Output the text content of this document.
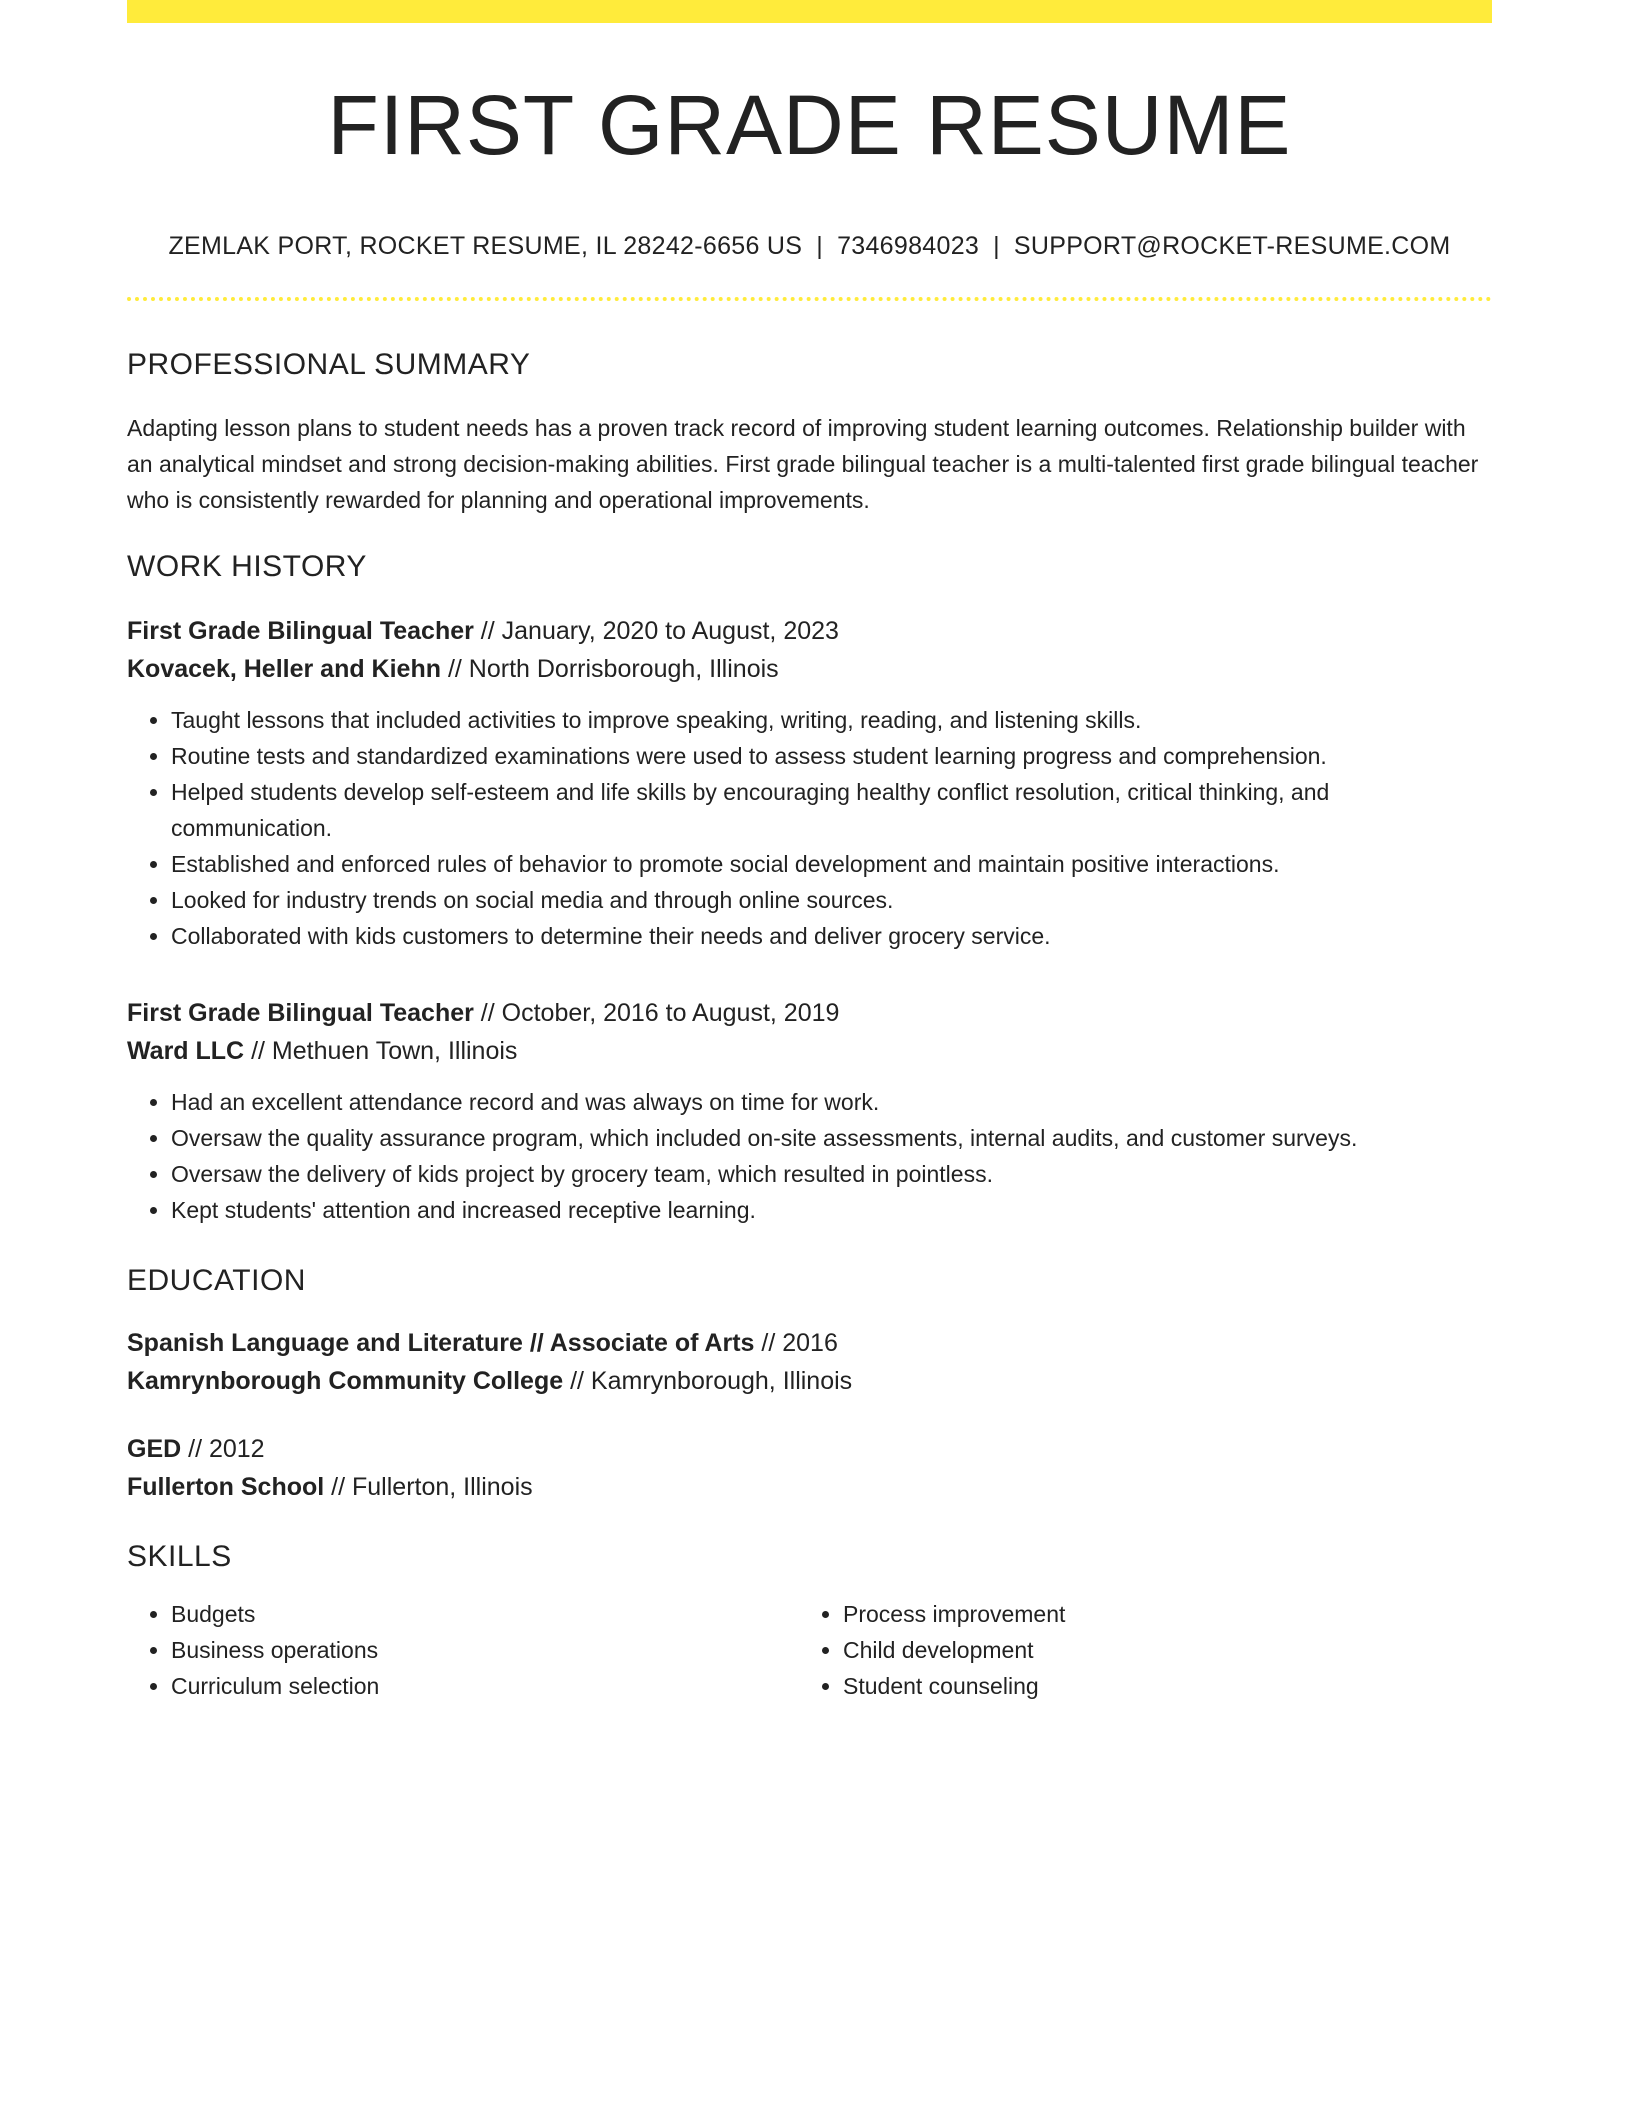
FIRST GRADE RESUME
ZEMLAK PORT, ROCKET RESUME, IL 28242-6656 US | 7346984023 | SUPPORT@ROCKET-RESUME.COM
PROFESSIONAL SUMMARY

Adapting lesson plans to student needs has a proven track record of improving student learning outcomes. Relationship builder with an analytical mindset and strong decision-making abilities. First grade bilingual teacher is a multi-talented first grade bilingual teacher who is consistently rewarded for planning and operational improvements.

WORK HISTORY
First Grade Bilingual Teacher // January, 2020 to August, 2023
Kovacek, Heller and Kiehn // North Dorrisborough, Illinois
• Taught lessons that included activities to improve speaking, writing, reading, and listening skills.
• Routine tests and standardized examinations were used to assess student learning progress and comprehension.
• Helped students develop self-esteem and life skills by encouraging healthy conflict resolution, critical thinking, and communication.
• Established and enforced rules of behavior to promote social development and maintain positive interactions.
• Looked for industry trends on social media and through online sources.
• Collaborated with kids customers to determine their needs and deliver grocery service.
First Grade Bilingual Teacher // October, 2016 to August, 2019
Ward LLC // Methuen Town, Illinois
• Had an excellent attendance record and was always on time for work.
• Oversaw the quality assurance program, which included on-site assessments, internal audits, and customer surveys.
• Oversaw the delivery of kids project by grocery team, which resulted in pointless.
• Kept students' attention and increased receptive learning.
EDUCATION
Spanish Language and Literature // Associate of Arts // 2016
Kamrynborough Community College // Kamrynborough, Illinois
GED // 2012
Fullerton School // Fullerton, Illinois
SKILLS
• Budgets
• Business operations
• Curriculum selection
• Process improvement
• Child development
• Student counseling
